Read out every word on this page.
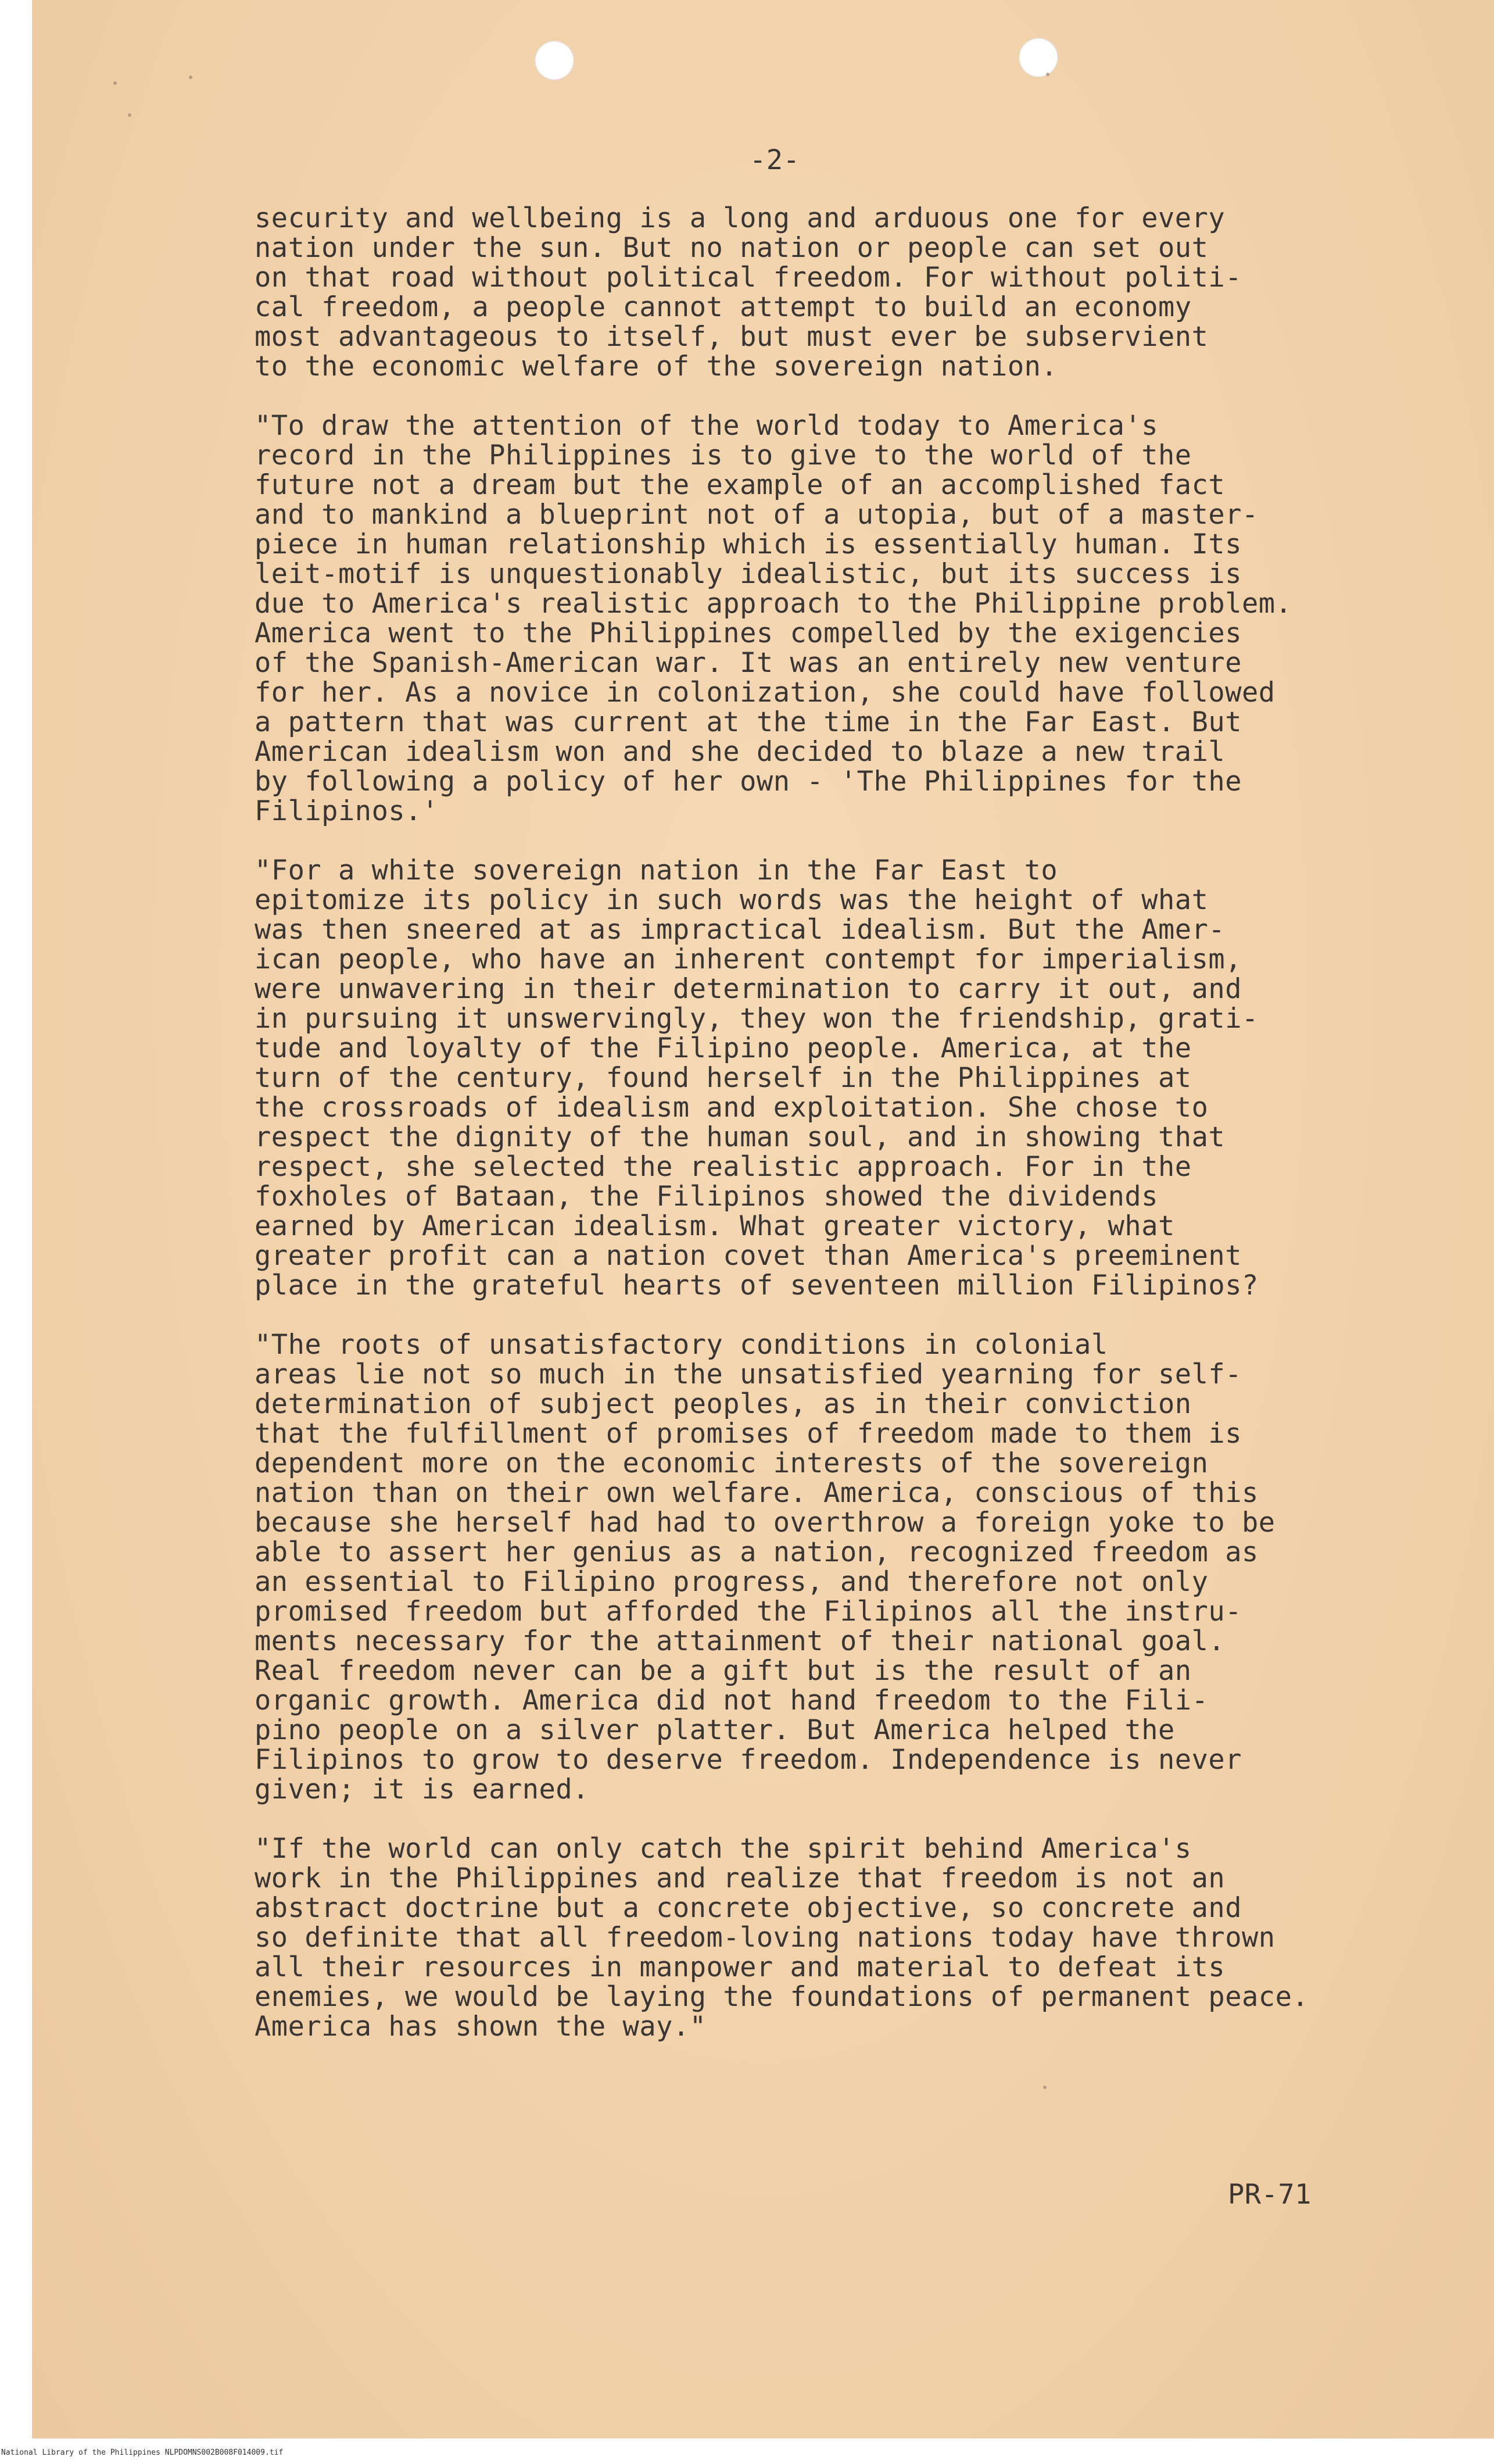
-2-

security and wellbeing is a long and arduous one for every
nation under the sun. But no nation or people can set out
on that road without political freedom. For without politi-
cal freedom, a people cannot attempt to build an economy
most advantageous to itself, but must ever be subservient
to the economic welfare of the sovereign nation.

"To draw the attention of the world today to America's
record in the Philippines is to give to the world of the
future not a dream but the example of an accomplished fact
and to mankind a blueprint not of a utopia, but of a master-
piece in human relationship which is essentially human. Its
leit-motif is unquestionably idealistic, but its success is
due to America's realistic approach to the Philippine problem.
America went to the Philippines compelled by the exigencies
of the Spanish-American war. It was an entirely new venture
for her. As a novice in colonization, she could have followed
a pattern that was current at the time in the Far East. But
American idealism won and she decided to blaze a new trail
by following a policy of her own - 'The Philippines for the
Filipinos.'

"For a white sovereign nation in the Far East to
epitomize its policy in such words was the height of what
was then sneered at as impractical idealism. But the Amer-
ican people, who have an inherent contempt for imperialism,
were unwavering in their determination to carry it out, and
in pursuing it unswervingly, they won the friendship, grati-
tude and loyalty of the Filipino people. America, at the
turn of the century, found herself in the Philippines at
the crossroads of idealism and exploitation. She chose to
respect the dignity of the human soul, and in showing that
respect, she selected the realistic approach. For in the
foxholes of Bataan, the Filipinos showed the dividends
earned by American idealism. What greater victory, what
greater profit can a nation covet than America's preeminent
place in the grateful hearts of seventeen million Filipinos?

"The roots of unsatisfactory conditions in colonial
areas lie not so much in the unsatisfied yearning for self-
determination of subject peoples, as in their conviction
that the fulfillment of promises of freedom made to them is
dependent more on the economic interests of the sovereign
nation than on their own welfare. America, conscious of this
because she herself had had to overthrow a foreign yoke to be
able to assert her genius as a nation, recognized freedom as
an essential to Filipino progress, and therefore not only
promised freedom but afforded the Filipinos all the instru-
ments necessary for the attainment of their national goal.
Real freedom never can be a gift but is the result of an
organic growth. America did not hand freedom to the Fili-
pino people on a silver platter. But America helped the
Filipinos to grow to deserve freedom. Independence is never
given; it is earned.

"If the world can only catch the spirit behind America's
work in the Philippines and realize that freedom is not an
abstract doctrine but a concrete objective, so concrete and
so definite that all freedom-loving nations today have thrown
all their resources in manpower and material to defeat its
enemies, we would be laying the foundations of permanent peace.
America has shown the way."

PR-71

National Library of the Philippines NLPDOMNS002B008F014009.tif
